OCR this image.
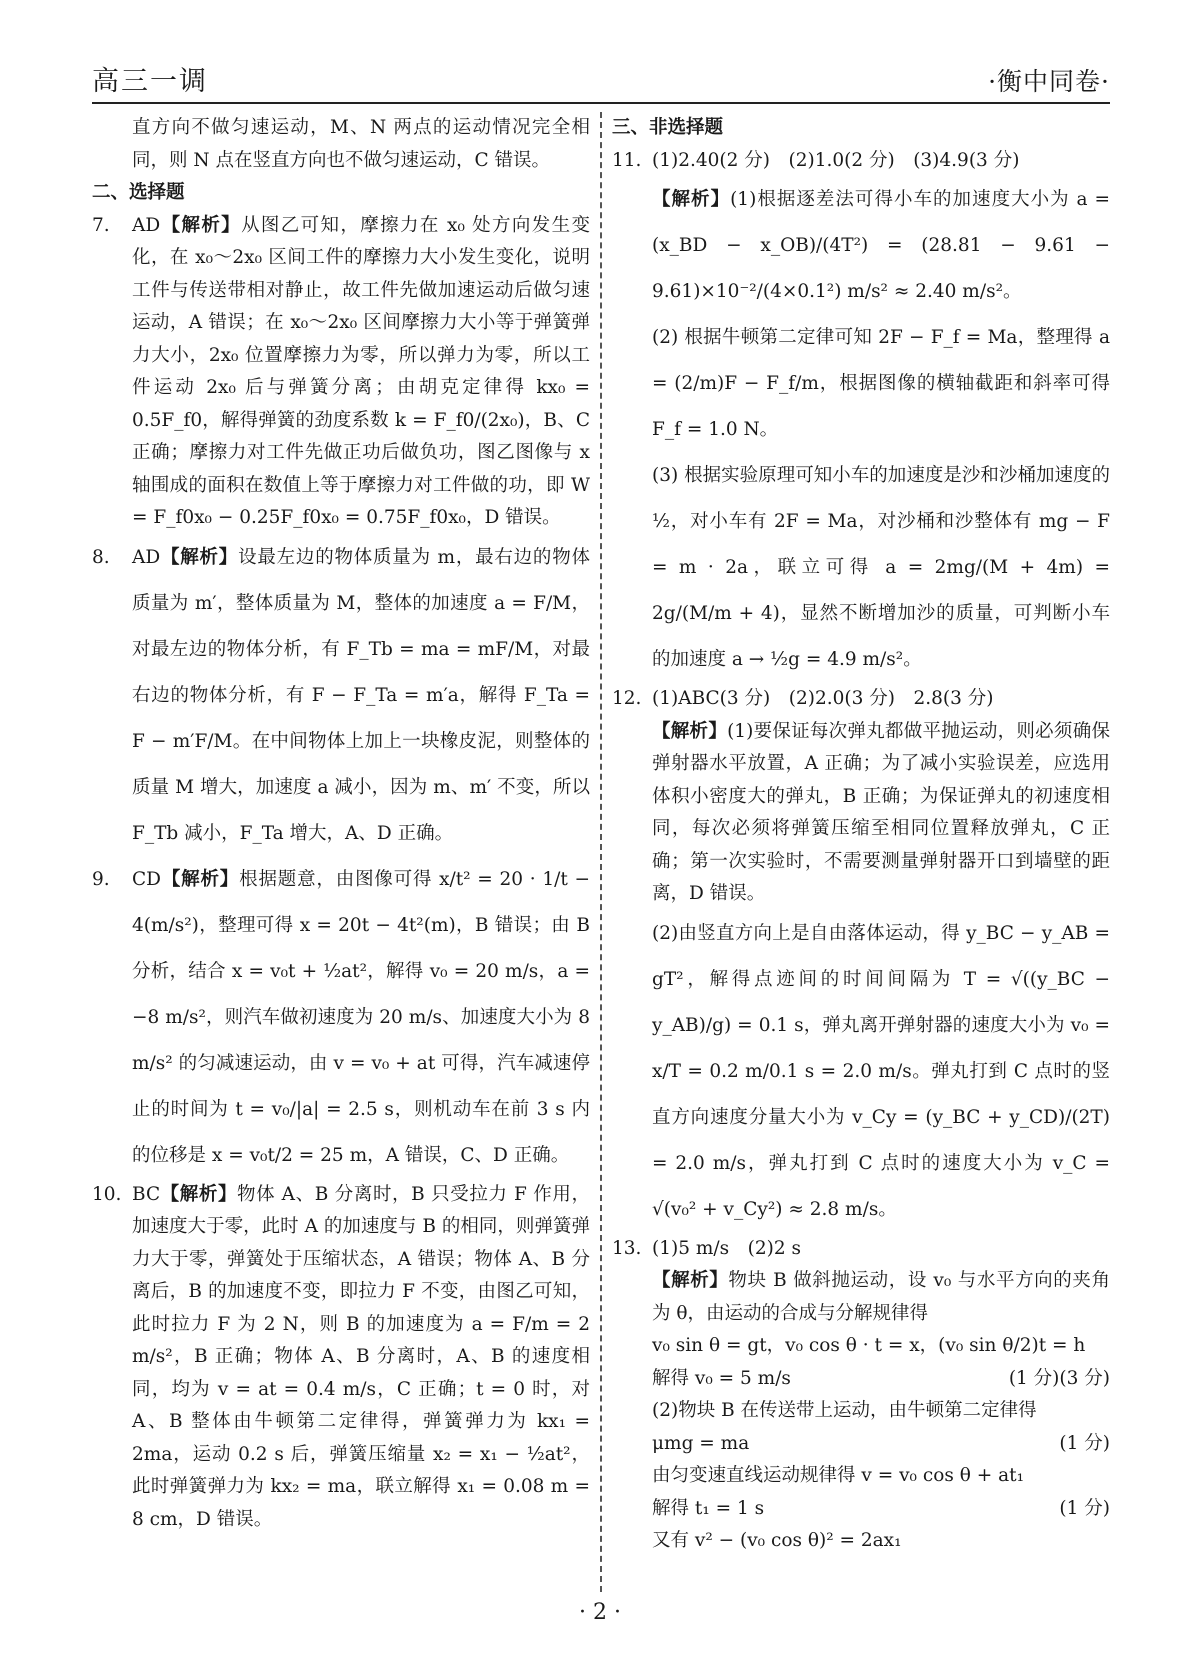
高三一调	·衡中同卷·

直方向不做匀速运动，M、N 两点的运动情况完全相同，则 N 点在竖直方向也不做匀速运动，C 错误。

二、选择题

7. AD【解析】从图乙可知，摩擦力在 x₀ 处方向发生变化，在 x₀～2x₀ 区间工件的摩擦力大小发生变化，说明工件与传送带相对静止，故工件先做加速运动后做匀速运动，A 错误；在 x₀～2x₀ 区间摩擦力大小等于弹簧弹力大小，2x₀ 位置摩擦力为零，所以弹力为零，所以工件运动 2x₀ 后与弹簧分离；由胡克定律得 kx₀ = 0.5F_f0，解得弹簧的劲度系数 k = F_f0/(2x₀)，B、C 正确；摩擦力对工件先做正功后做负功，图乙图像与 x 轴围成的面积在数值上等于摩擦力对工件做的功，即 W = F_f0x₀ − 0.25F_f0x₀ = 0.75F_f0x₀，D 错误。

8. AD【解析】设最左边的物体质量为 m，最右边的物体质量为 m′，整体质量为 M，整体的加速度 a = F/M，对最左边的物体分析，有 F_Tb = ma = mF/M，对最右边的物体分析，有 F − F_Ta = m′a，解得 F_Ta = F − m′F/M。在中间物体上加上一块橡皮泥，则整体的质量 M 增大，加速度 a 减小，因为 m、m′ 不变，所以 F_Tb 减小，F_Ta 增大，A、D 正确。

9. CD【解析】根据题意，由图像可得 x/t² = 20 · 1/t − 4(m/s²)，整理可得 x = 20t − 4t²(m)，B 错误；由 B 分析，结合 x = v₀t + ½at²，解得 v₀ = 20 m/s，a = −8 m/s²，则汽车做初速度为 20 m/s、加速度大小为 8 m/s² 的匀减速运动，由 v = v₀ + at 可得，汽车减速停止的时间为 t = v₀/|a| = 2.5 s，则机动车在前 3 s 内的位移是 x = v₀t/2 = 25 m，A 错误，C、D 正确。

10. BC【解析】物体 A、B 分离时，B 只受拉力 F 作用，加速度大于零，此时 A 的加速度与 B 的相同，则弹簧弹力大于零，弹簧处于压缩状态，A 错误；物体 A、B 分离后，B 的加速度不变，即拉力 F 不变，由图乙可知，此时拉力 F 为 2 N，则 B 的加速度为 a = F/m = 2 m/s²，B 正确；物体 A、B 分离时，A、B 的速度相同，均为 v = at = 0.4 m/s，C 正确；t = 0 时，对 A、B 整体由牛顿第二定律得，弹簧弹力为 kx₁ = 2ma，运动 0.2 s 后，弹簧压缩量 x₂ = x₁ − ½at²，此时弹簧弹力为 kx₂ = ma，联立解得 x₁ = 0.08 m = 8 cm，D 错误。

三、非选择题

11. (1)2.40(2 分)　(2)1.0(2 分)　(3)4.9(3 分)

【解析】(1)根据逐差法可得小车的加速度大小为 a = (x_BD − x_OB)/(4T²) = (28.81 − 9.61 − 9.61)×10⁻²/(4×0.1²) m/s² ≈ 2.40 m/s²。

(2) 根据牛顿第二定律可知 2F − F_f = Ma，整理得 a = (2/m)F − F_f/m，根据图像的横轴截距和斜率可得 F_f = 1.0 N。

(3) 根据实验原理可知小车的加速度是沙和沙桶加速度的 ½，对小车有 2F = Ma，对沙桶和沙整体有 mg − F = m · 2a，联立可得 a = 2mg/(M + 4m) = 2g/(M/m + 4)，显然不断增加沙的质量，可判断小车的加速度 a → ½g = 4.9 m/s²。

12. (1)ABC(3 分)　(2)2.0(3 分)　2.8(3 分)

【解析】(1)要保证每次弹丸都做平抛运动，则必须确保弹射器水平放置，A 正确；为了减小实验误差，应选用体积小密度大的弹丸，B 正确；为保证弹丸的初速度相同，每次必须将弹簧压缩至相同位置释放弹丸，C 正确；第一次实验时，不需要测量弹射器开口到墙壁的距离，D 错误。

(2)由竖直方向上是自由落体运动，得 y_BC − y_AB = gT²，解得点迹间的时间间隔为 T = √((y_BC − y_AB)/g) = 0.1 s，弹丸离开弹射器的速度大小为 v₀ = x/T = 0.2 m/0.1 s = 2.0 m/s。弹丸打到 C 点时的竖直方向速度分量大小为 v_Cy = (y_BC + y_CD)/(2T) = 2.0 m/s，弹丸打到 C 点时的速度大小为 v_C = √(v₀² + v_Cy²) ≈ 2.8 m/s。

13. (1)5 m/s　(2)2 s

【解析】物块 B 做斜抛运动，设 v₀ 与水平方向的夹角为 θ，由运动的合成与分解规律得

v₀ sin θ = gt，v₀ cos θ · t = x，(v₀ sin θ/2)t = h
(3 分)

解得 v₀ = 5 m/s	(1 分)

(2)物块 B 在传送带上运动，由牛顿第二定律得

μmg = ma	(1 分)

由匀变速直线运动规律得 v = v₀ cos θ + at₁

解得 t₁ = 1 s	(1 分)

又有 v² − (v₀ cos θ)² = 2ax₁

· 2 ·
